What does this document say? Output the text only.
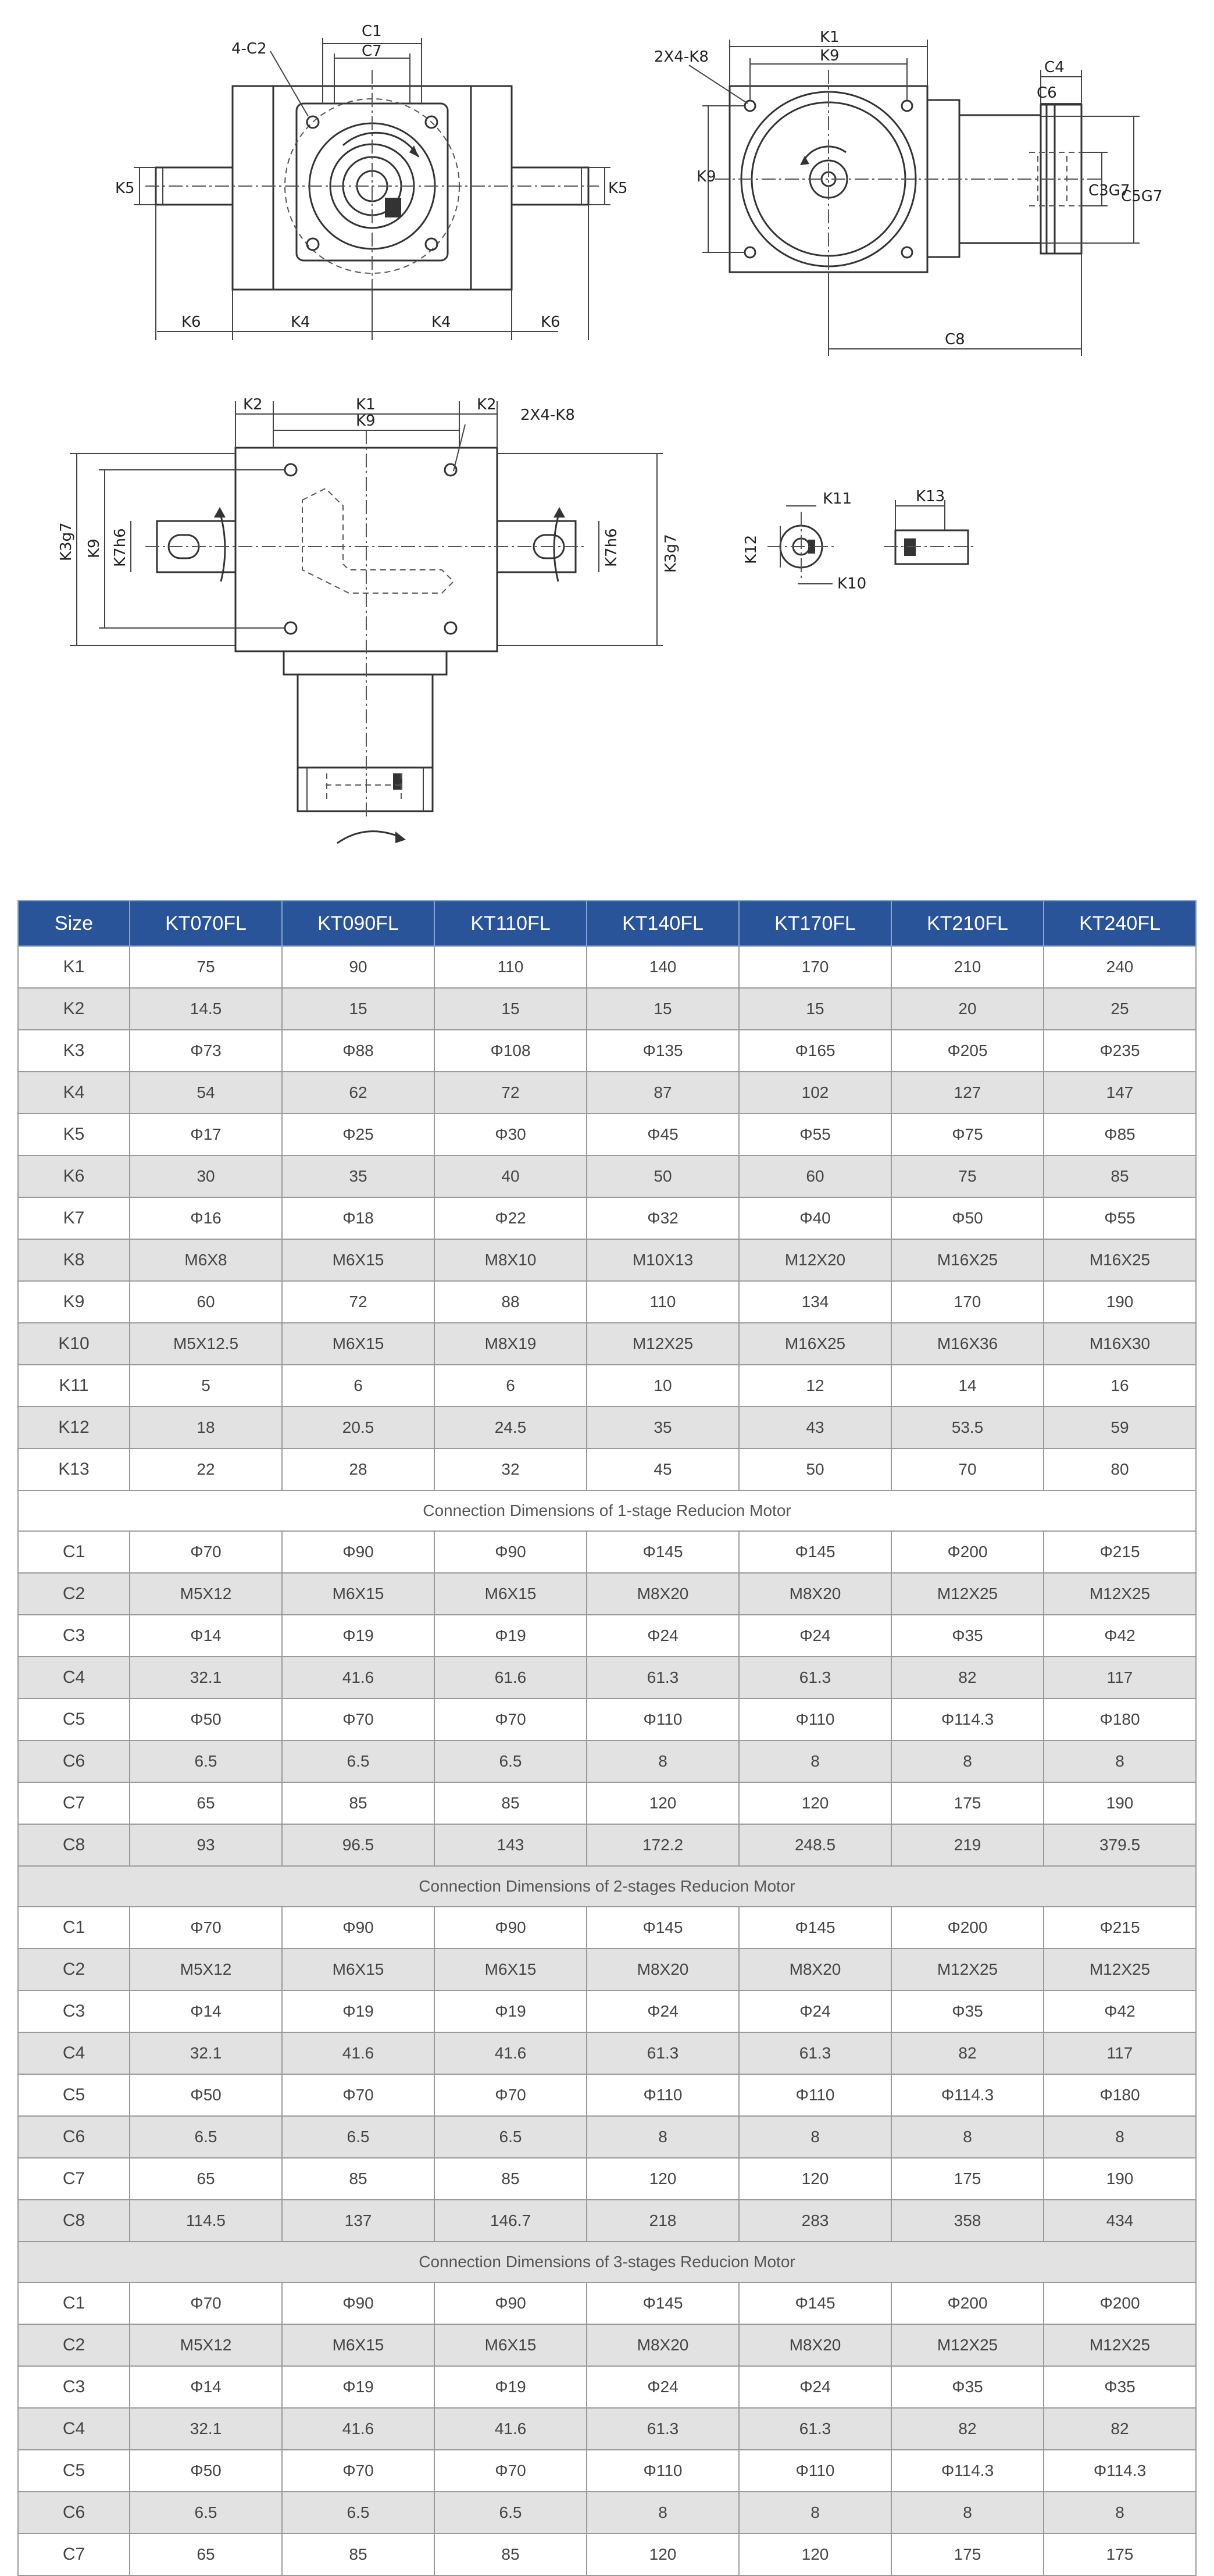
4-C2
C1
C7
K5	K5
K6	K4	K4	K6
2X4-K8
K1
K9
K9
C4
C6
C3G7
C5G7
C8
K2	K1
K9
K2
2X4-K8
K3g7 K9 K7h6	K7h6	K3g7
K11
K12
K10
K13
Size	KT070FL	KT090FL	KT110FL	KT140FL	KT170FL	KT210FL	KT240FL
K1	75	90	110	140	170	210	240
K2	14.5	15	15	15	15	20	25
K3	Φ73	Φ88	Φ108	Φ135	Φ165	Φ205	Φ235
K4	54	62	72	87	102	127	147
K5	Φ17	Φ25	Φ30	Φ45	Φ55	Φ75	Φ85
K6	30	35	40	50	60	75	85
K7	Φ16	Φ18	Φ22	Φ32	Φ40	Φ50	Φ55
K8	M6X8	M6X15	M8X10	M10X13	M12X20	M16X25	M16X25
K9	60	72	88	110	134	170	190
K10	M5X12.5	M6X15	M8X19	M12X25	M16X25	M16X36	M16X30
K11	5	6	6	10	12	14	16
K12	18	20.5	24.5	35	43	53.5	59
K13	22	28	32	45	50	70	80
Connection Dimensions of 1-stage Reducion Motor							
C1	Φ70	Φ90	Φ90	Φ145	Φ145	Φ200	Φ215
C2	M5X12	M6X15	M6X15	M8X20	M8X20	M12X25	M12X25
C3	Φ14	Φ19	Φ19	Φ24	Φ24	Φ35	Φ42
C4	32.1	41.6	61.6	61.3	61.3	82	117
C5	Φ50	Φ70	Φ70	Φ110	Φ110	Φ114.3	Φ180
C6	6.5	6.5	6.5	8	8	8	8
C7	65	85	85	120	120	175	190
C8	93	96.5	143	172.2	248.5	219	379.5
Connection Dimensions of 2-stages Reducion Motor							
C1	Φ70	Φ90	Φ90	Φ145	Φ145	Φ200	Φ215
C2	M5X12	M6X15	M6X15	M8X20	M8X20	M12X25	M12X25
C3	Φ14	Φ19	Φ19	Φ24	Φ24	Φ35	Φ42
C4	32.1	41.6	41.6	61.3	61.3	82	117
C5	Φ50	Φ70	Φ70	Φ110	Φ110	Φ114.3	Φ180
C6	6.5	6.5	6.5	8	8	8	8
C7	65	85	85	120	120	175	190
C8	114.5	137	146.7	218	283	358	434
Connection Dimensions of 3-stages Reducion Motor							
C1	Φ70	Φ90	Φ90	Φ145	Φ145	Φ200	Φ200
C2	M5X12	M6X15	M6X15	M8X20	M8X20	M12X25	M12X25
C3	Φ14	Φ19	Φ19	Φ24	Φ24	Φ35	Φ35
C4	32.1	41.6	41.6	61.3	61.3	82	82
C5	Φ50	Φ70	Φ70	Φ110	Φ110	Φ114.3	Φ114.3
C6	6.5	6.5	6.5	8	8	8	8
C7	65	85	85	120	120	175	175
